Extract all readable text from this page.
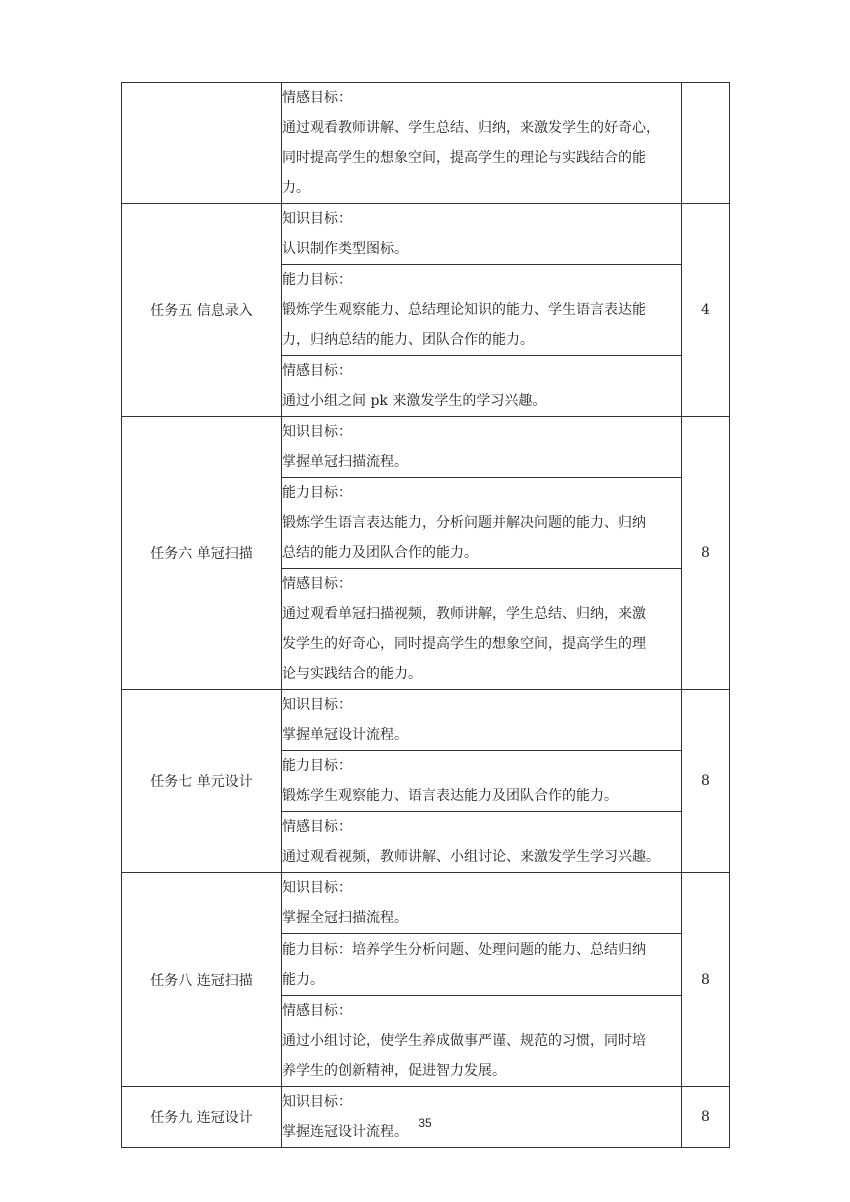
	情感目标：
通过观看教师讲解、学生总结、归纳，来激发学生的好奇心，
同时提高学生的想象空间，提高学生的理论与实践结合的能
力。	

任务五 信息录入	知识目标：
认识制作类型图标。	4

	能力目标：
锻炼学生观察能力、总结理论知识的能力、学生语言表达能
力，归纳总结的能力、团队合作的能力。	

	情感目标：
通过小组之间 pk 来激发学生的学习兴趣。	

任务六 单冠扫描	知识目标：
掌握单冠扫描流程。	8

	能力目标：
锻炼学生语言表达能力，分析问题并解决问题的能力、归纳
总结的能力及团队合作的能力。	

	情感目标：
通过观看单冠扫描视频，教师讲解，学生总结、归纳，来激
发学生的好奇心，同时提高学生的想象空间，提高学生的理
论与实践结合的能力。	

任务七 单元设计	知识目标：
掌握单冠设计流程。	8

	能力目标：
锻炼学生观察能力、语言表达能力及团队合作的能力。	

	情感目标：
通过观看视频，教师讲解、小组讨论、来激发学生学习兴趣。	

任务八 连冠扫描	知识目标：
掌握全冠扫描流程。	8

	能力目标：培养学生分析问题、处理问题的能力、总结归纳
能力。	

	情感目标：
通过小组讨论，使学生养成做事严谨、规范的习惯，同时培
养学生的创新精神，促进智力发展。	

任务九 连冠设计	知识目标：
掌握连冠设计流程。	8
35
